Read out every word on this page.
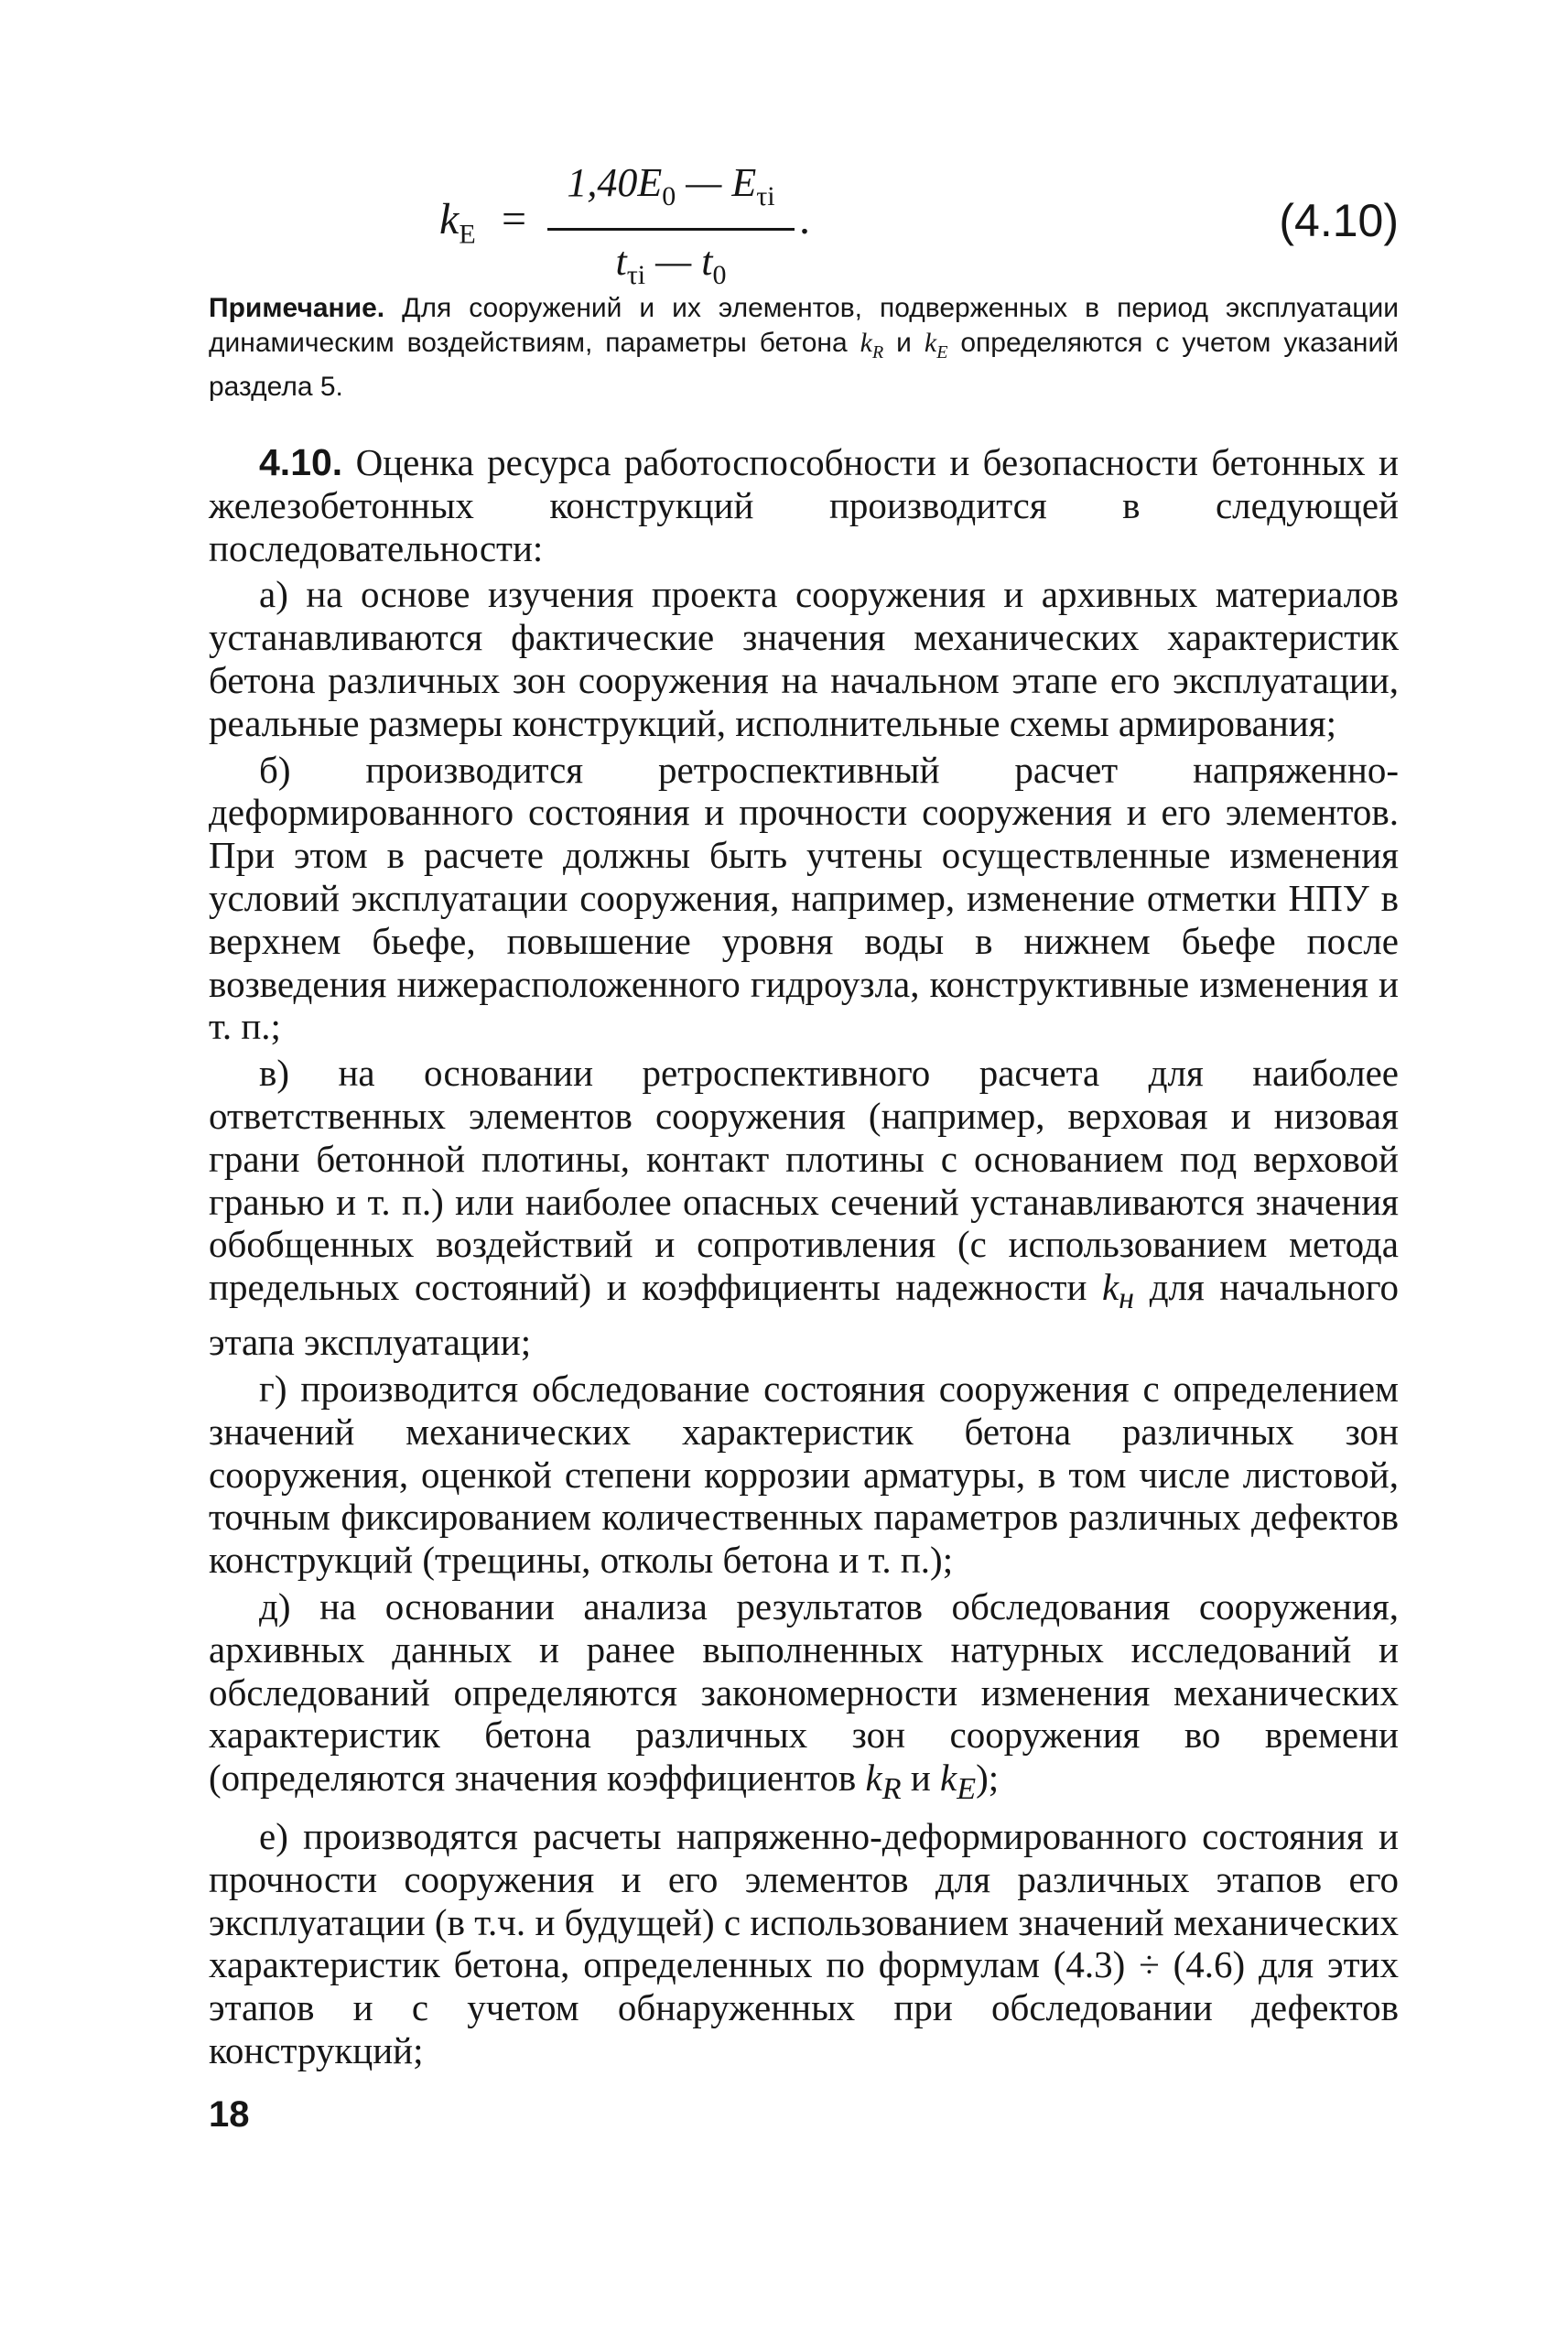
$k_E$ =
$1,40E_0$ — $E_{\tau i}$
$t_{\tau i}$ — $t_0$
.	(4.10)
Примечание. Для сооружений и их элементов, подверженных в период эксплуатации динамическим воздействиям, параметры бетона $k_R$ и $k_E$ определяются с учетом указаний раздела 5.

4.10. Оценка ресурса работоспособности и безопасности бетонных и железобетонных конструкций производится в следующей последовательности:

а) на основе изучения проекта сооружения и архивных материалов устанавливаются фактические значения механических характеристик бетона различных зон сооружения на начальном этапе его эксплуатации, реальные размеры конструкций, исполнительные схемы армирования;

б) производится ретроспективный расчет напряженно-деформированного состояния и прочности сооружения и его элементов. При этом в расчете должны быть учтены осуществленные изменения условий эксплуатации сооружения, например, изменение отметки НПУ в верхнем бьефе, повышение уровня воды в нижнем бьефе после возведения нижерасположенного гидроузла, конструктивные изменения и т. п.;

в) на основании ретроспективного расчета для наиболее ответственных элементов сооружения (например, верховая и низовая грани бетонной плотины, контакт плотины с основанием под верховой гранью и т. п.) или наиболее опасных сечений устанавливаются значения обобщенных воздействий и сопротивления (с использованием метода предельных состояний) и коэффициенты надежности $k_н$ для начального этапа эксплуатации;

г) производится обследование состояния сооружения с определением значений механических характеристик бетона различных зон сооружения, оценкой степени коррозии арматуры, в том числе листовой, точным фиксированием количественных параметров различных дефектов конструкций (трещины, отколы бетона и т. п.);

д) на основании анализа результатов обследования сооружения, архивных данных и ранее выполненных натурных исследований и обследований определяются закономерности изменения механических характеристик бетона различных зон сооружения во времени (определяются значения коэффициентов $k_R$ и $k_E$);

е) производятся расчеты напряженно-деформированного состояния и прочности сооружения и его элементов для различных этапов его эксплуатации (в т.ч. и будущей) с использованием значений механических характеристик бетона, определенных по формулам (4.3) ÷ (4.6) для этих этапов и с учетом обнаруженных при обследовании дефектов конструкций;

18
